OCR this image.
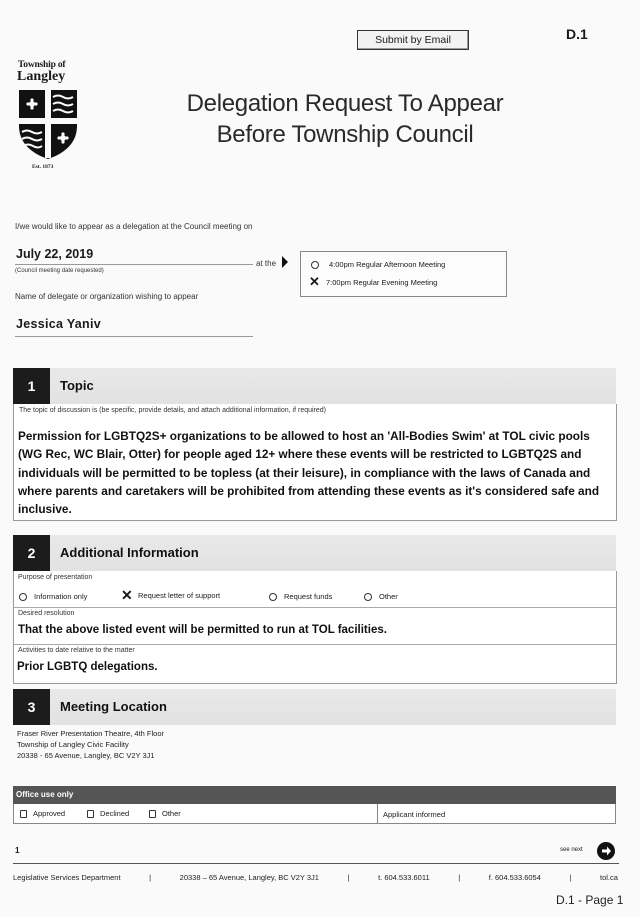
Submit by Email	D.1
Township of
Langley
Est. 1873
Delegation Request To Appear
Before Township Council
I/we would like to appear as a delegation at the Council meeting on
July 22, 2019
(Council meeting date requested)
at the	4:00pm Regular Afternoon Meeting
✕ 7:00pm Regular Evening Meeting
Name of delegate or organization wishing to appear
Jessica Yaniv
1	Topic
The topic of discussion is (be specific, provide details, and attach additional information, if required)
Permission for LGBTQ2S+ organizations to be allowed to host an 'All-Bodies Swim' at TOL civic pools (WG Rec, WC Blair, Otter) for people aged 12+ where these events will be restricted to LGBTQ2S and individuals will be permitted to be topless (at their leisure), in compliance with the laws of Canada and where parents and caretakers will be prohibited from attending these events as it's considered safe and inclusive.
2	Additional Information
Purpose of presentation
Information only ✕ Request letter of support	Request funds	Other
Desired resolution
That the above listed event will be permitted to run at TOL facilities.
Activities to date relative to the matter
Prior LGBTQ delegations.
3	Meeting Location
Fraser River Presentation Theatre, 4th Floor
Township of Langley Civic Facility
20338 - 65 Avenue, Langley, BC V2Y 3J1
Office use only
Approved	Declined	Other	Applicant informed
1	see next
Legislative Services Department	|	20338 – 65 Avenue, Langley, BC V2Y 3J1	|	t. 604.533.6011	|	f. 604.533.6054	|	tol.ca
D.1 - Page 1
